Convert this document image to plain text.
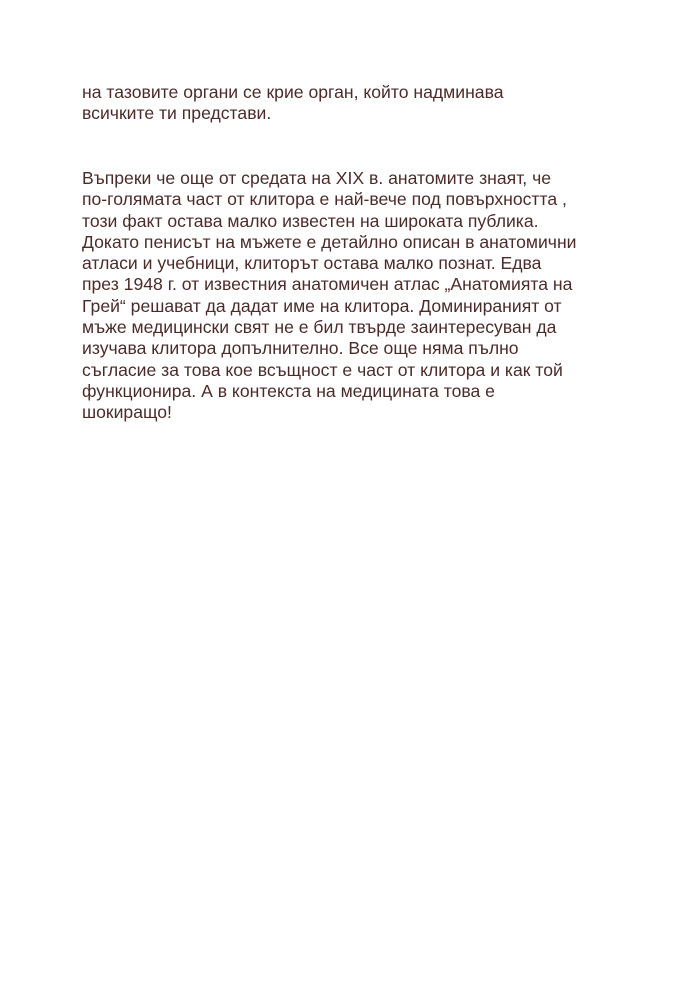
на тазовите органи се крие орган, който надминава
всичките ти представи.

Въпреки че още от средата на XIX в. анатомите знаят, че
по-голямата част от клитора е най-вече под повърхността ,
този факт остава малко известен на широката публика.
Докато пенисът на мъжете е детайлно описан в анатомични
атласи и учебници, клиторът остава малко познат. Едва
през 1948 г. от известния анатомичен атлас „Анатомията на
Грей“ решават да дадат име на клитора. Доминираният от
мъже медицински свят не е бил твърде заинтересуван да
изучава клитора допълнително. Все още няма пълно
съгласие за това кое всъщност е част от клитора и как той
функционира. А в контекста на медицината това е
шокиращо!
